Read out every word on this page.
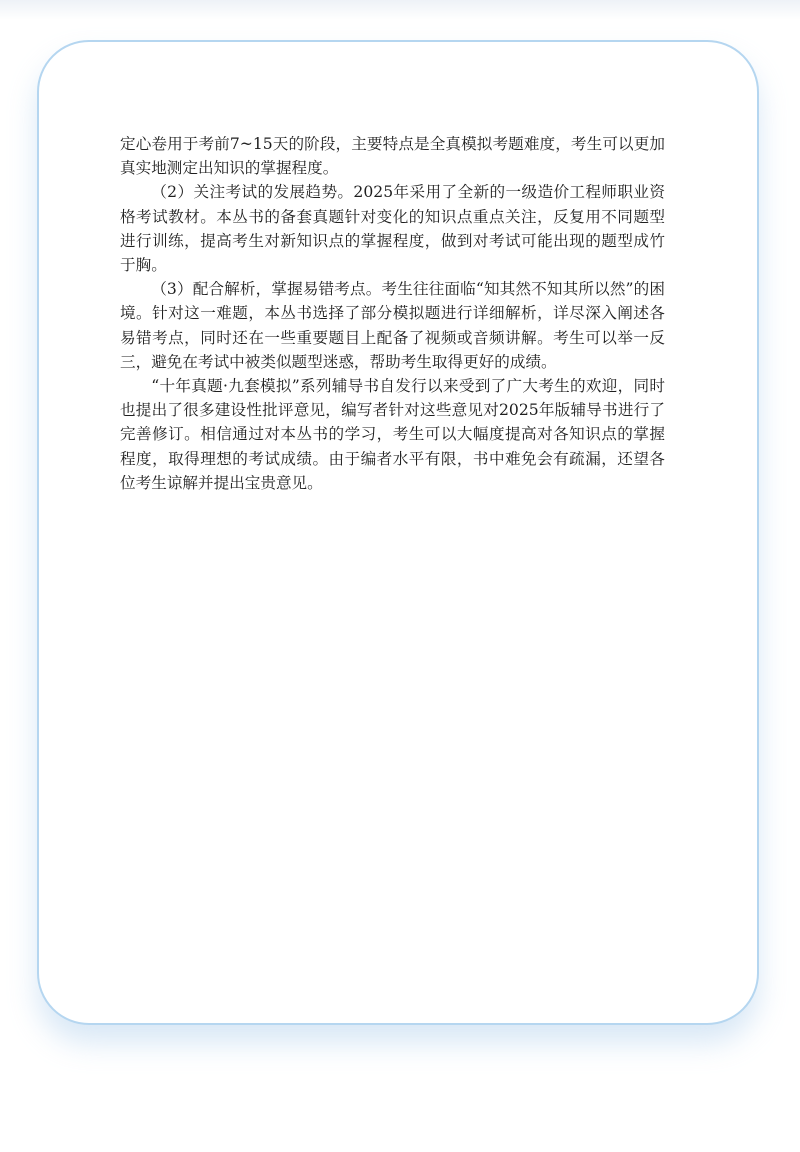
定心卷用于考前7~15天的阶段，主要特点是全真模拟考题难度，考生可以更加真实地测定出知识的掌握程度。

（2）关注考试的发展趋势。2025年采用了全新的一级造价工程师职业资格考试教材。本丛书的备套真题针对变化的知识点重点关注，反复用不同题型进行训练，提高考生对新知识点的掌握程度，做到对考试可能出现的题型成竹于胸。

（3）配合解析，掌握易错考点。考生往往面临“知其然不知其所以然”的困境。针对这一难题，本丛书选择了部分模拟题进行详细解析，详尽深入阐述各易错考点，同时还在一些重要题目上配备了视频或音频讲解。考生可以举一反三，避免在考试中被类似题型迷惑，帮助考生取得更好的成绩。

“十年真题·九套模拟”系列辅导书自发行以来受到了广大考生的欢迎，同时也提出了很多建设性批评意见，编写者针对这些意见对2025年版辅导书进行了完善修订。相信通过对本丛书的学习，考生可以大幅度提高对各知识点的掌握程度，取得理想的考试成绩。由于编者水平有限，书中难免会有疏漏，还望各位考生谅解并提出宝贵意见。
